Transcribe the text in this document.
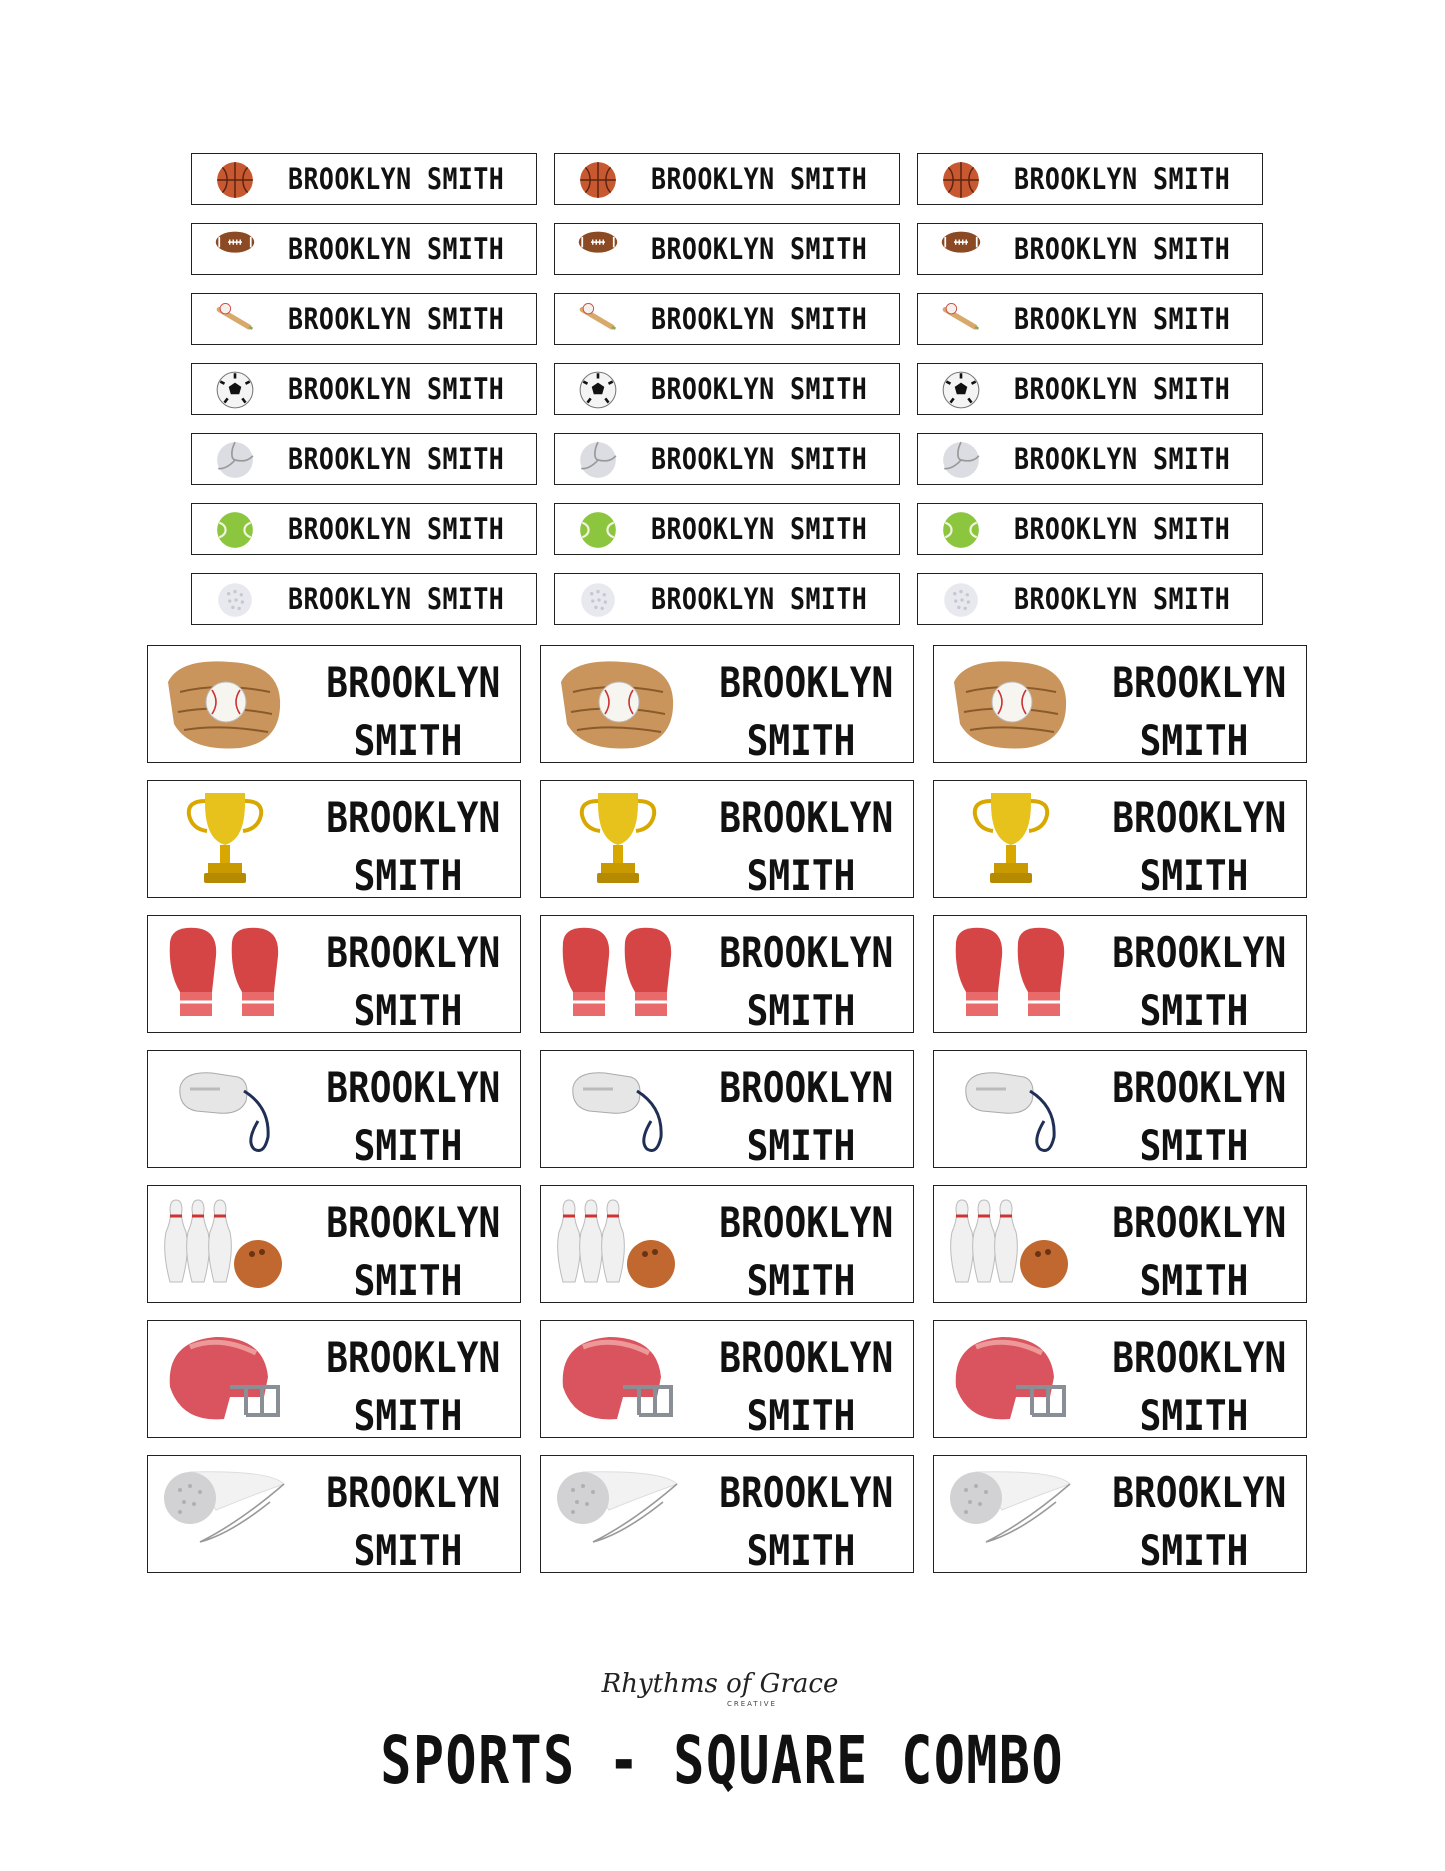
BROOKLYN SMITH	BROOKLYN SMITH	BROOKLYN SMITH
BROOKLYN SMITH	BROOKLYN SMITH	BROOKLYN SMITH
BROOKLYN SMITH	BROOKLYN SMITH	BROOKLYN SMITH
BROOKLYN SMITH	BROOKLYN SMITH	BROOKLYN SMITH
BROOKLYN SMITH	BROOKLYN SMITH	BROOKLYN SMITH
BROOKLYN SMITH	BROOKLYN SMITH	BROOKLYN SMITH
BROOKLYN SMITH	BROOKLYN SMITH	BROOKLYN SMITH
BROOKLYN
SMITH
BROOKLYN
SMITH
BROOKLYN
SMITH
BROOKLYN
SMITH
BROOKLYN
SMITH
BROOKLYN
SMITH
BROOKLYN
SMITH
BROOKLYN
SMITH
BROOKLYN
SMITH
BROOKLYN
SMITH
BROOKLYN
SMITH
BROOKLYN
SMITH
BROOKLYN
SMITH
BROOKLYN
SMITH
BROOKLYN
SMITH
BROOKLYN
SMITH
BROOKLYN
SMITH
BROOKLYN
SMITH
BROOKLYN
SMITH
BROOKLYN
SMITH
BROOKLYN
SMITH
Rhythms of Grace
CREATIVE
SPORTS - SQUARE COMBO
